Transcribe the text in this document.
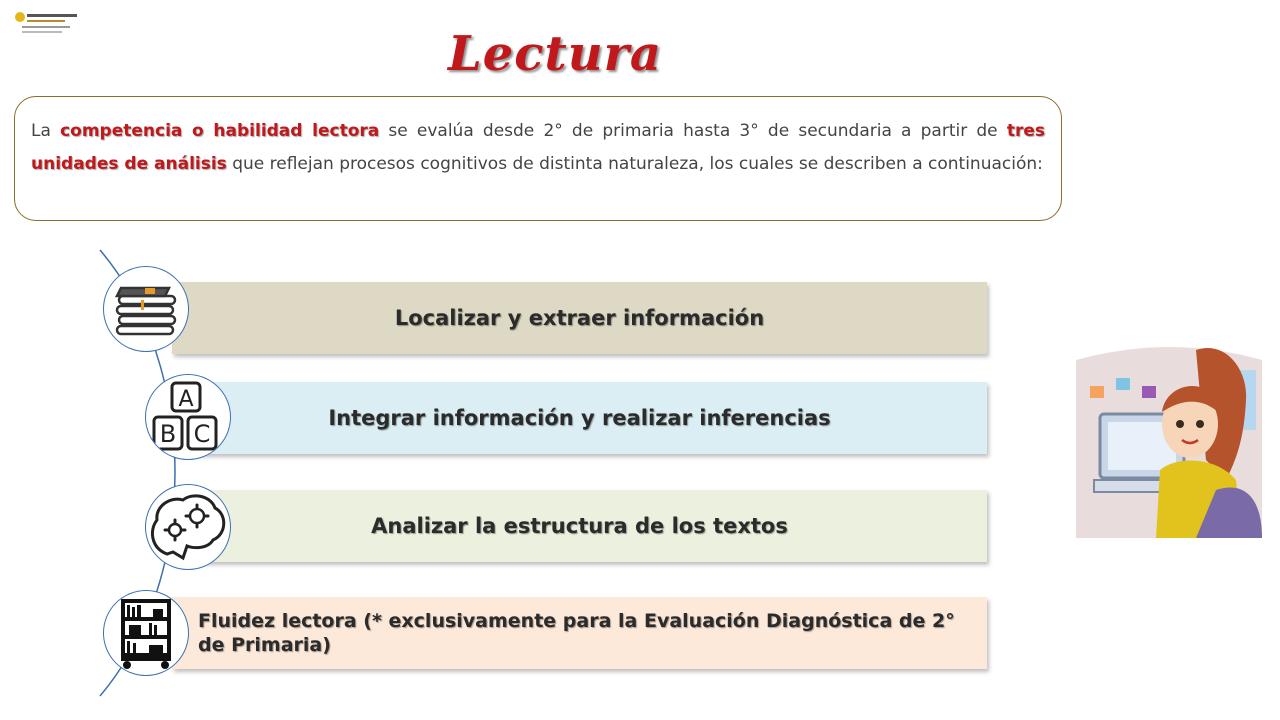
Lectura

La competencia o habilidad lectora se evalúa desde 2° de primaria hasta 3° de secundaria a partir de tres unidades de análisis que reflejan procesos cognitivos de distinta naturaleza, los cuales se describen a continuación:

Localizar y extraer información
Integrar información y realizar inferencias
Analizar la estructura de los textos
Fluidez lectora (* exclusivamente para la Evaluación Diagnóstica de 2° de Primaria)
A
B C
